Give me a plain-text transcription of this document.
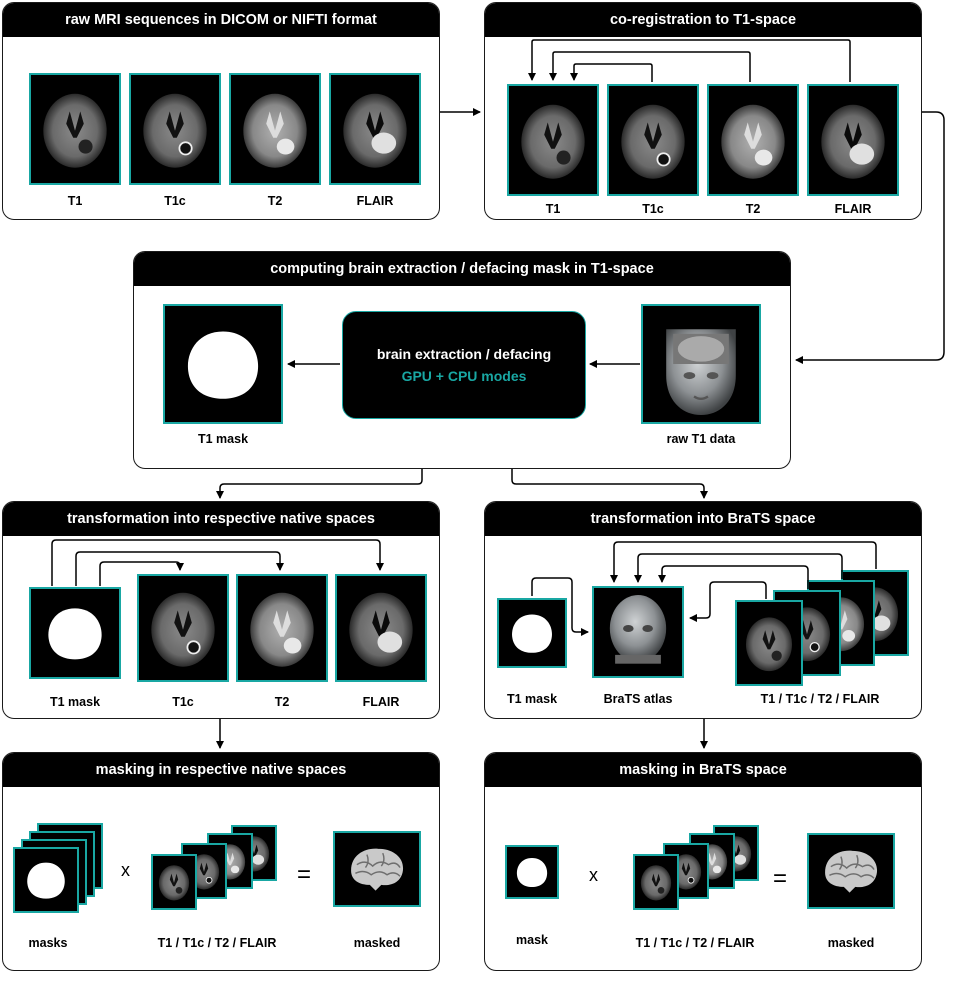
raw MRI sequences in DICOM or NIFTI format
T1	T1c	T2	FLAIR
co-registration to T1-space
T1	T1c	T2	FLAIR
computing brain extraction / defacing mask in T1-space
T1 mask	raw T1 data
brain extraction / defacing
GPU + CPU modes
transformation into respective native spaces
T1 mask	T1c	T2	FLAIR
transformation into BraTS space
T1 mask	BraTS atlas	T1 / T1c / T2 / FLAIR
masking in respective native spaces
x	=
masks	T1 / T1c / T2 / FLAIR	masked
masking in BraTS space
x	=
mask	T1 / T1c / T2 / FLAIR	masked
